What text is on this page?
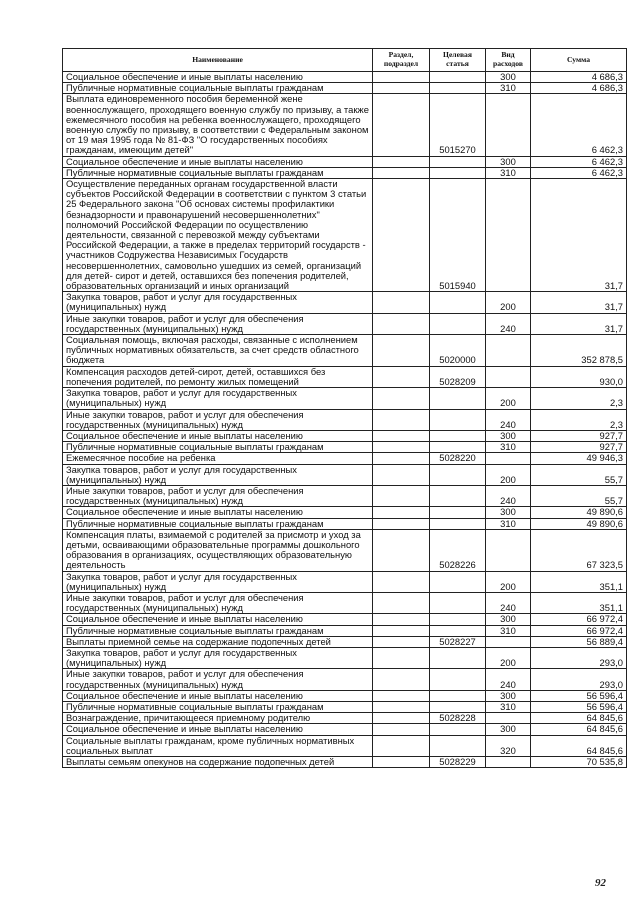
Наименование	Раздел, подраздел	Целевая статья	Вид расходов	Сумма
Социальное обеспечение и иные выплаты населению			300	4 686,3
Публичные нормативные социальные выплаты гражданам			310	4 686,3
Выплата единовременного пособия беременной жене военнослужащего, проходящего военную службу по призыву, а также ежемесячного пособия на ребенка военнослужащего, проходящего военную службу по призыву, в соответствии с Федеральным законом от 19 мая 1995 года № 81-ФЗ "О государственных пособиях гражданам, имеющим детей"		5015270		6 462,3
Социальное обеспечение и иные выплаты населению			300	6 462,3
Публичные нормативные социальные выплаты гражданам			310	6 462,3
Осуществление переданных органам государственной власти субъектов Российской Федерации в соответствии с пунктом 3 статьи 25 Федерального закона "Об основах системы профилактики безнадзорности и правонарушений несовершеннолетних" полномочий Российской Федерации по осуществлению деятельности, связанной с перевозкой между субъектами Российской Федерации, а также в пределах территорий государств - участников Содружества Независимых Государств несовершеннолетних, самовольно ушедших из семей, организаций для детей- сирот и детей, оставшихся без попечения родителей, образовательных организаций и иных организаций		5015940		31,7
Закупка товаров, работ и услуг для государственных (муниципальных) нужд			200	31,7
Иные закупки товаров, работ и услуг для обеспечения государственных (муниципальных) нужд			240	31,7
Социальная помощь, включая расходы, связанные с исполнением публичных нормативных обязательств, за счет средств областного бюджета		5020000		352 878,5
Компенсация расходов детей-сирот, детей, оставшихся без попечения родителей, по ремонту жилых помещений		5028209		930,0
Закупка товаров, работ и услуг для государственных (муниципальных) нужд			200	2,3
Иные закупки товаров, работ и услуг для обеспечения государственных (муниципальных) нужд			240	2,3
Социальное обеспечение и иные выплаты населению			300	927,7
Публичные нормативные социальные выплаты гражданам			310	927,7
Ежемесячное пособие на ребенка		5028220		49 946,3
Закупка товаров, работ и услуг для государственных (муниципальных) нужд			200	55,7
Иные закупки товаров, работ и услуг для обеспечения государственных (муниципальных) нужд			240	55,7
Социальное обеспечение и иные выплаты населению			300	49 890,6
Публичные нормативные социальные выплаты гражданам			310	49 890,6
Компенсация платы, взимаемой с родителей за присмотр и уход за детьми, осваивающими образовательные программы дошкольного образования в организациях, осуществляющих образовательную деятельность		5028226		67 323,5
Закупка товаров, работ и услуг для государственных (муниципальных) нужд			200	351,1
Иные закупки товаров, работ и услуг для обеспечения государственных (муниципальных) нужд			240	351,1
Социальное обеспечение и иные выплаты населению			300	66 972,4
Публичные нормативные социальные выплаты гражданам			310	66 972,4
Выплаты приемной семье на содержание подопечных детей		5028227		56 889,4
Закупка товаров, работ и услуг для государственных (муниципальных) нужд			200	293,0
Иные закупки товаров, работ и услуг для обеспечения государственных (муниципальных) нужд			240	293,0
Социальное обеспечение и иные выплаты населению			300	56 596,4
Публичные нормативные социальные выплаты гражданам			310	56 596,4
Вознаграждение, причитающееся приемному родителю		5028228		64 845,6
Социальное обеспечение и иные выплаты населению			300	64 845,6
Социальные выплаты гражданам, кроме публичных нормативных социальных выплат			320	64 845,6
Выплаты семьям опекунов на содержание подопечных детей		5028229		70 535,8
92
